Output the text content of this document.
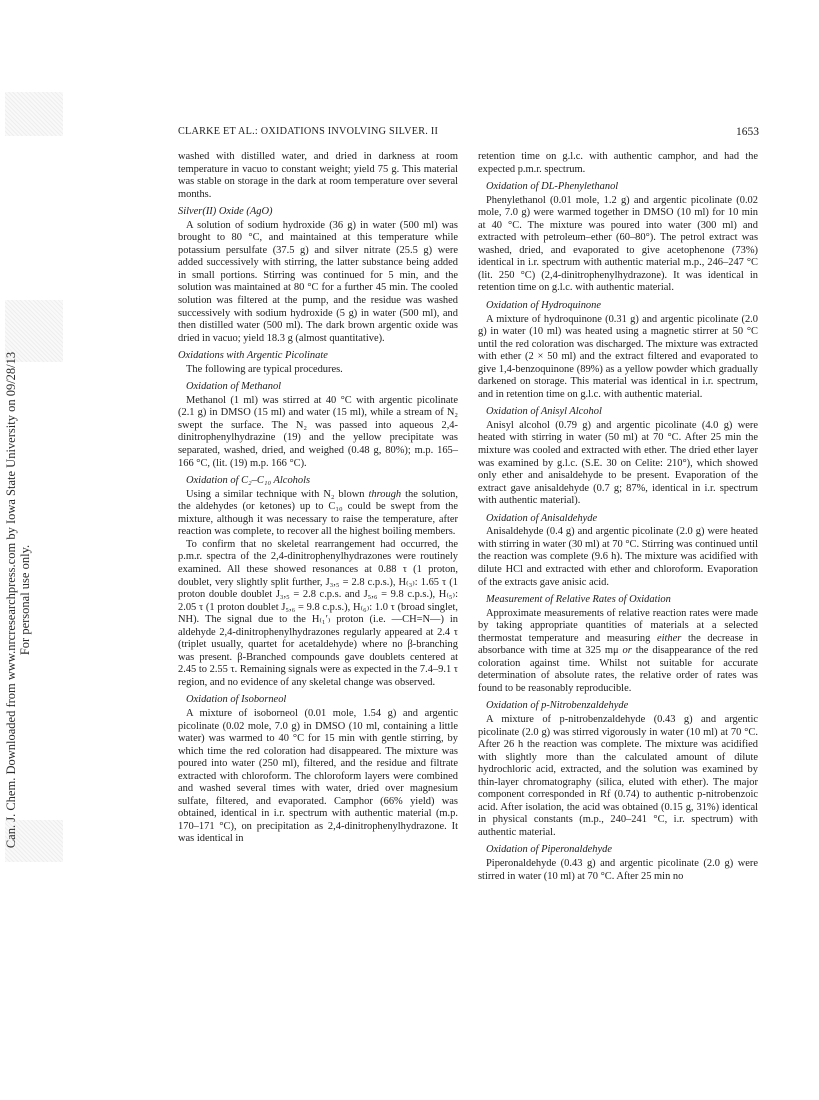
Can. J. Chem. Downloaded from www.nrcresearchpress.com by Iowa State University on 09/28/13 For personal use only.
CLARKE ET AL.: OXIDATIONS INVOLVING SILVER. II	1653

washed with distilled water, and dried in darkness at room temperature in vacuo to constant weight; yield 75 g. This material was stable on storage in the dark at room temperature over several months.

Silver(II) Oxide (AgO)

A solution of sodium hydroxide (36 g) in water (500 ml) was brought to 80 °C, and maintained at this temperature while potassium persulfate (37.5 g) and silver nitrate (25.5 g) were added successively with stirring, the latter substance being added in small portions. Stirring was continued for 5 min, and the solution was maintained at 80 °C for a further 45 min. The cooled solution was filtered at the pump, and the residue was washed successively with sodium hydroxide (5 g) in water (500 ml), and then distilled water (500 ml). The dark brown argentic oxide was dried in vacuo; yield 18.3 g (almost quantitative).

Oxidations with Argentic Picolinate

The following are typical procedures.

Oxidation of Methanol

Methanol (1 ml) was stirred at 40 °C with argentic picolinate (2.1 g) in DMSO (15 ml) and water (15 ml), while a stream of N₂ swept the surface. The N₂ was passed into aqueous 2,4-dinitrophenylhydrazine (19) and the yellow precipitate was separated, washed, dried, and weighed (0.48 g, 80%); m.p. 165–166 °C, (lit. (19) m.p. 166 °C).

Oxidation of C₂–C₁₀ Alcohols

Using a similar technique with N₂ blown through the solution, the aldehydes (or ketones) up to C₁₀ could be swept from the mixture, although it was necessary to raise the temperature, after reaction was complete, to recover all the highest boiling members.

To confirm that no skeletal rearrangement had occurred, the p.m.r. spectra of the 2,4-dinitrophenylhydrazones were routinely examined. All these showed resonances at 0.88 τ (1 proton, doublet, very slightly split further, J₃,₅ = 2.8 c.p.s.), H₍₃₎: 1.65 τ (1 proton double doublet J₃,₅ = 2.8 c.p.s. and J₅,₆ = 9.8 c.p.s.), H₍₅₎: 2.05 τ (1 proton doublet J₅,₆ = 9.8 c.p.s.), H₍₆₎: 1.0 τ (broad singlet, NH). The signal due to the H₍₁′₎ proton (i.e. —CH=N—) in aldehyde 2,4-dinitrophenylhydrazones regularly appeared at 2.4 τ (triplet usually, quartet for acetaldehyde) where no β-branching was present. β-Branched compounds gave doublets centered at 2.45 to 2.55 τ. Remaining signals were as expected in the 7.4–9.1 τ region, and no evidence of any skeletal change was observed.

Oxidation of Isoborneol

A mixture of isoborneol (0.01 mole, 1.54 g) and argentic picolinate (0.02 mole, 7.0 g) in DMSO (10 ml, containing a little water) was warmed to 40 °C for 15 min with gentle stirring, by which time the red coloration had disappeared. The mixture was poured into water (250 ml), filtered, and the residue and filtrate extracted with chloroform. The chloroform layers were combined and washed several times with water, dried over magnesium sulfate, filtered, and evaporated. Camphor (66% yield) was obtained, identical in i.r. spectrum with authentic material (m.p. 170–171 °C), on precipitation as 2,4-dinitrophenylhydrazone. It was identical in

retention time on g.l.c. with authentic camphor, and had the expected p.m.r. spectrum.

Oxidation of DL-Phenylethanol

Phenylethanol (0.01 mole, 1.2 g) and argentic picolinate (0.02 mole, 7.0 g) were warmed together in DMSO (10 ml) for 10 min at 40 °C. The mixture was poured into water (300 ml) and extracted with petroleum–ether (60–80°). The petrol extract was washed, dried, and evaporated to give acetophenone (73%) identical in i.r. spectrum with authentic material m.p., 246–247 °C (lit. 250 °C) (2,4-dinitrophenylhydrazone). It was identical in retention time on g.l.c. with authentic material.

Oxidation of Hydroquinone

A mixture of hydroquinone (0.31 g) and argentic picolinate (2.0 g) in water (10 ml) was heated using a magnetic stirrer at 50 °C until the red coloration was discharged. The mixture was extracted with ether (2 × 50 ml) and the extract filtered and evaporated to give 1,4-benzoquinone (89%) as a yellow powder which gradually darkened on storage. This material was identical in i.r. spectrum, and in retention time on g.l.c. with authentic material.

Oxidation of Anisyl Alcohol

Anisyl alcohol (0.79 g) and argentic picolinate (4.0 g) were heated with stirring in water (50 ml) at 70 °C. After 25 min the mixture was cooled and extracted with ether. The dried ether layer was examined by g.l.c. (S.E. 30 on Celite: 210°), which showed only ether and anisaldehyde to be present. Evaporation of the extract gave anisaldehyde (0.7 g; 87%, identical in i.r. spectrum with authentic material).

Oxidation of Anisaldehyde

Anisaldehyde (0.4 g) and argentic picolinate (2.0 g) were heated with stirring in water (30 ml) at 70 °C. Stirring was continued until the reaction was complete (9.6 h). The mixture was acidified with dilute HCl and extracted with ether and chloroform. Evaporation of the extracts gave anisic acid.

Measurement of Relative Rates of Oxidation

Approximate measurements of relative reaction rates were made by taking appropriate quantities of materials at a selected thermostat temperature and measuring either the decrease in absorbance with time at 325 mμ or the disappearance of the red coloration against time. Whilst not suitable for accurate determination of absolute rates, the relative order of rates was found to be reasonably reproducible.

Oxidation of p-Nitrobenzaldehyde

A mixture of p-nitrobenzaldehyde (0.43 g) and argentic picolinate (2.0 g) was stirred vigorously in water (10 ml) at 70 °C. After 26 h the reaction was complete. The mixture was acidified with slightly more than the calculated amount of dilute hydrochloric acid, extracted, and the solution was examined by thin-layer chromatography (silica, eluted with ether). The major component corresponded in Rf (0.74) to authentic p-nitrobenzoic acid. After isolation, the acid was obtained (0.15 g, 31%) identical in physical constants (m.p., 240–241 °C, i.r. spectrum) with authentic material.

Oxidation of Piperonaldehyde

Piperonaldehyde (0.43 g) and argentic picolinate (2.0 g) were stirred in water (10 ml) at 70 °C. After 25 min no
